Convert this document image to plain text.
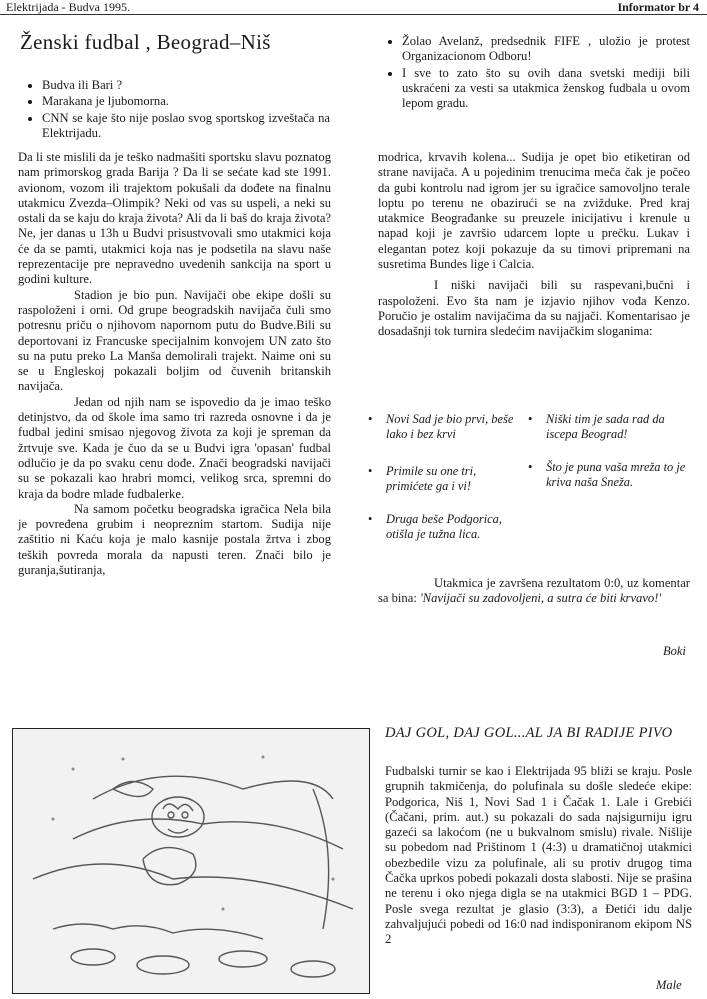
Elektrijada - Budva 1995.	Informator br 4
Ženski fudbal , Beograd–Niš
• Budva ili Bari ?
• Marakana je ljubomorna.
• CNN se kaje što nije poslao svog sportskog izveštača na Elektrijadu.

Da li ste mislili da je teško nadmašiti sportsku slavu poznatog nam primorskog grada Barija ? Da li se sećate kad ste 1991. avionom, vozom ili trajektom pokušali da dođete na finalnu utakmicu Zvezda–Olimpik? Neki od vas su uspeli, a neki su ostali da se kaju do kraja života? Ali da li baš do kraja života? Ne, jer danas u 13h u Budvi prisustvovali smo utakmici koja će da se pamti, utakmici koja nas je podsetila na slavu naše reprezentacije pre nepravedno uvedenih sankcija na sport u godini kulture.

Stadion je bio pun. Navijači obe ekipe došli su raspoloženi i orni. Od grupe beogradskih navijača čuli smo potresnu priču o njihovom napornom putu do Budve.Bili su deportovani iz Francuske specijalnim konvojem UN zato što su na putu preko La Manša demolirali trajekt. Naime oni su se u Engleskoj pokazali boljim od čuvenih britanskih navijača.

Jedan od njih nam se ispovedio da je imao teško detinjstvo, da od škole ima samo tri razreda osnovne i da je fudbal jedini smisao njegovog života za koji je spreman da žrtvuje sve. Kada je čuo da se u Budvi igra 'opasan' fudbal odlučio je da po svaku cenu dođe. Znači beogradski navijači su se pokazali kao hrabri momci, velikog srca, spremni do kraja da bodre mlade fudbalerke.

Na samom početku beogradska igračica Nela bila je povređena grubim i neopreznim startom. Sudija nije zaštitio ni Kaću koja je malo kasnije postala žrtva i zbog teških povreda morala da napusti teren. Znači bilo je guranja,šutiranja,

• Žolao Avelanž, predsednik FIFE , uložio je protest Organizacionom Odboru!
• I sve to zato što su ovih dana svetski mediji bili uskraćeni za vesti sa utakmica ženskog fudbala u ovom lepom gradu.

modrica, krvavih kolena... Sudija je opet bio etiketiran od strane navijača. A u pojedinim trenucima meča čak je počeo da gubi kontrolu nad igrom jer su igračice samovoljno terale loptu po terenu ne obazirući se na zvižduke. Pred kraj utakmice Beograđanke su preuzele inicijativu i krenule u napad koji je završio udarcem lopte u prečku. Lukav i elegantan potez koji pokazuje da su timovi pripremani na susretima Bundes lige i Calcia.

I niški navijači bili su raspevani,bučni i raspoloženi. Evo šta nam je izjavio njihov vođa Kenzo. Poručio je ostalim navijačima da su najjači. Komentarisao je dosadašnji tok turnira sledećim navijačkim sloganima:

• Novi Sad je bio prvi, beše lako i bez krvi
• Primile su one tri, primićete ga i vi!
• Druga beše Podgorica, otišla je tužna lica.
• Niški tim je sada rad da iscepa Beograd!
• Što je puna vaša mreža to je kriva naša Sneža.

Utakmica je završena rezultatom 0:0, uz komentar sa bina: 'Navijači su zadovoljeni, a sutra će biti krvavo!'

Boki
DAJ GOL, DAJ GOL...AL JA BI RADIJE PIVO

Fudbalski turnir se kao i Elektrijada 95 bliži se kraju. Posle grupnih takmičenja, do polufinala su došle sledeće ekipe: Podgorica, Niš 1, Novi Sad 1 i Čačak 1. Lale i Grebići (Čačani, prim. aut.) su pokazali do sada najsigurniju igru gazeći sa lakoćom (ne u bukvalnom smislu) rivale. Nišlije su pobedom nad Prištinom 1 (4:3) u dramatičnoj utakmici obezbedile vizu za polufinale, ali su protiv drugog tima Čačka uprkos pobedi pokazali dosta slabosti. Nije se prašina ne terenu i oko njega digla se na utakmici BGD 1 – PDG. Posle svega rezultat je glasio (3:3), a Đetići idu dalje zahvaljujući pobedi od 16:0 nad indisponiranom ekipom NS 2

Male
